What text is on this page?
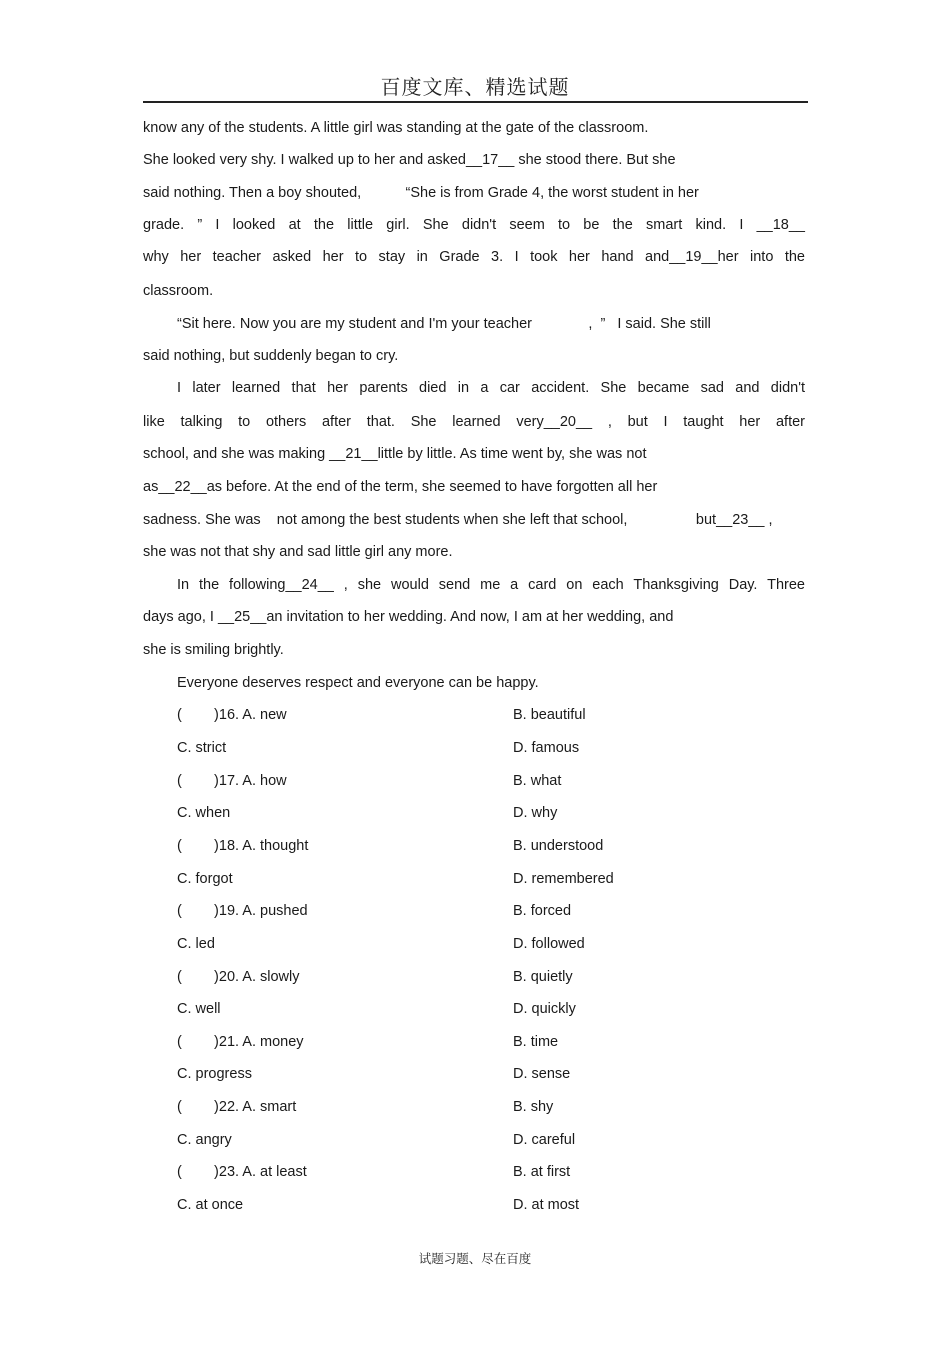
百度文库、精选试题
know any of the students. A little girl was standing at the gate of the classroom.
She looked very shy. I walked up to her and asked__17__ she stood there. But she
said nothing. Then a boy shouted,           “She is from Grade 4, the worst student in her
grade. ” I looked at the little girl. She didn't seem to be the smart kind. I __18__
why her teacher asked her to stay in Grade 3. I took her hand and__19__her into the
classroom.
“Sit here. Now you are my student and I'm your teacher              ,  ”   I said. She still
said nothing, but suddenly began to cry.
I later learned that her parents died in a car accident. She became sad and didn't
like talking to others after that. She learned very__20__ , but I taught her after
school, and she was making __21__little by little. As time went by, she was not
as__22__as before. At the end of the term, she seemed to have forgotten all her
sadness. She was    not among the best students when she left that school,                 but__23__ ,
she was not that shy and sad little girl any more.
In the following__24__ , she would send me a card on each Thanksgiving Day. Three
days ago, I __25__an invitation to her wedding. And now, I am at her wedding, and
she is smiling brightly.
Everyone deserves respect and everyone can be happy.
(        )16. A. new	B. beautiful
C. strict	D. famous
(        )17. A. how	B. what
C. when	D. why
(        )18. A. thought	B. understood
C. forgot	D. remembered
(        )19. A. pushed	B. forced
C. led	D. followed
(        )20. A. slowly	B. quietly
C. well	D. quickly
(        )21. A. money	B. time
C. progress	D. sense
(        )22. A. smart	B. shy
C. angry	D. careful
(        )23. A. at least	B. at first
C. at once	D. at most
试题习题、尽在百度
